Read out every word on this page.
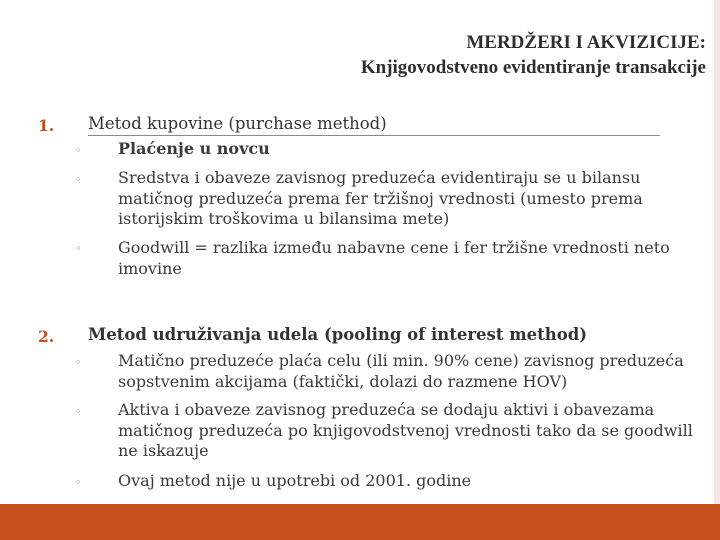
MERDŽERI I AKVIZICIJE:
Knjigovodstveno evidentiranje transakcije
1. Metod kupovine (purchase method)
◦ Plaćenje u novcu
◦ Sredstva i obaveze zavisnog preduzeća evidentiraju se u bilansu matičnog preduzeća prema fer tržišnoj vrednosti (umesto prema istorijskim troškovima u bilansima mete)
◦ Goodwill = razlika između nabavne cene i fer tržišne vrednosti neto imovine
2. Metod udruživanja udela (pooling of interest method)
◦ Matično preduzeće plaća celu (ili min. 90% cene) zavisnog preduzeća sopstvenim akcijama (faktički, dolazi do razmene HOV)
◦ Aktiva i obaveze zavisnog preduzeća se dodaju aktivi i obavezama matičnog preduzeća po knjigovodstvenoj vrednosti tako da se goodwill ne iskazuje
◦ Ovaj metod nije u upotrebi od 2001. godine
